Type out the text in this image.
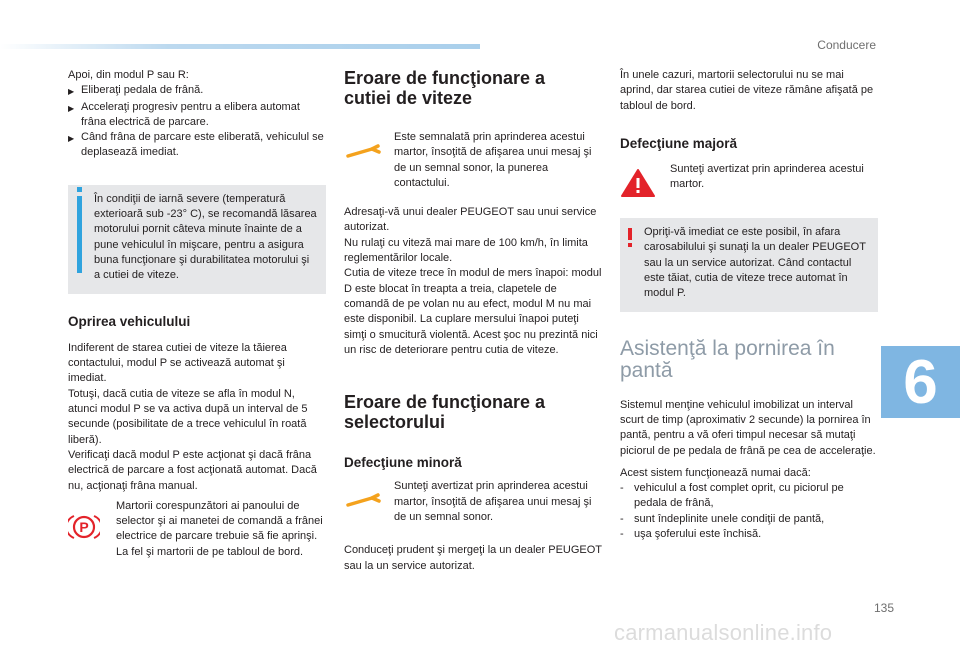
Conducere
6

Apoi, din modul P sau R:

▶ Eliberaţi pedala de frână.
▶ Acceleraţi progresiv pentru a elibera automat frâna electrică de parcare.
▶ Când frâna de parcare este eliberată, vehiculul se deplasează imediat.

În condiţii de iarnă severe (temperatură exterioară sub -23° C), se recomandă lăsarea motorului pornit câteva minute înainte de a pune vehiculul în mişcare, pentru a asigura buna funcţionare şi durabilitatea motorului şi a cutiei de viteze.

Oprirea vehiculului

Indiferent de starea cutiei de viteze la tăierea contactului, modul P se activează automat şi imediat.

Totuşi, dacă cutia de viteze se afla în modul N, atunci modul P se va activa după un interval de 5 secunde (posibilitate de a trece vehiculul în roată liberă).

Verificaţi dacă modul P este acţionat şi dacă frâna electrică de parcare a fost acţionată automat. Dacă nu, acţionaţi frâna manual.

P

Martorii corespunzători ai panoului de selector şi ai manetei de comandă a frânei electrice de parcare trebuie să fie aprinşi. La fel şi martorii de pe tabloul de bord.

Eroare de funcţionare a cutiei de viteze

Este semnalată prin aprinderea acestui martor, însoţită de afişarea unui mesaj şi de un semnal sonor, la punerea contactului.

Adresaţi-vă unui dealer PEUGEOT sau unui service autorizat.

Nu rulaţi cu viteză mai mare de 100 km/h, în limita reglementărilor locale.

Cutia de viteze trece în modul de mers înapoi: modul D este blocat în treapta a treia, clapetele de comandă de pe volan nu au efect, modul M nu mai este disponibil. La cuplare mersului înapoi puteţi simţi o smucitură violentă. Acest şoc nu prezintă nici un risc de deteriorare pentru cutia de viteze.

Eroare de funcţionare a selectorului
Defecţiune minoră

Sunteţi avertizat prin aprinderea acestui martor, însoţită de afişarea unui mesaj şi de un semnal sonor.

Conduceţi prudent şi mergeţi la un dealer PEUGEOT sau la un service autorizat.

În unele cazuri, martorii selectorului nu se mai aprind, dar starea cutiei de viteze rămâne afişată pe tabloul de bord.

Defecţiune majoră

Sunteţi avertizat prin aprinderea acestui martor.

Opriţi-vă imediat ce este posibil, în afara carosabilului şi sunaţi la un dealer PEUGEOT sau la un service autorizat. Când contactul este tăiat, cutia de viteze trece automat în modul P.

Asistenţă la pornirea în pantă

Sistemul menţine vehiculul imobilizat un interval scurt de timp (aproximativ 2 secunde) la pornirea în pantă, pentru a vă oferi timpul necesar să mutaţi piciorul de pe pedala de frână pe cea de acceleraţie.

Acest sistem funcţionează numai dacă:

- vehiculul a fost complet oprit, cu piciorul pe pedala de frână,
- sunt îndeplinite unele condiţii de pantă,
- uşa şoferului este închisă.
135
carmanualsonline.info
